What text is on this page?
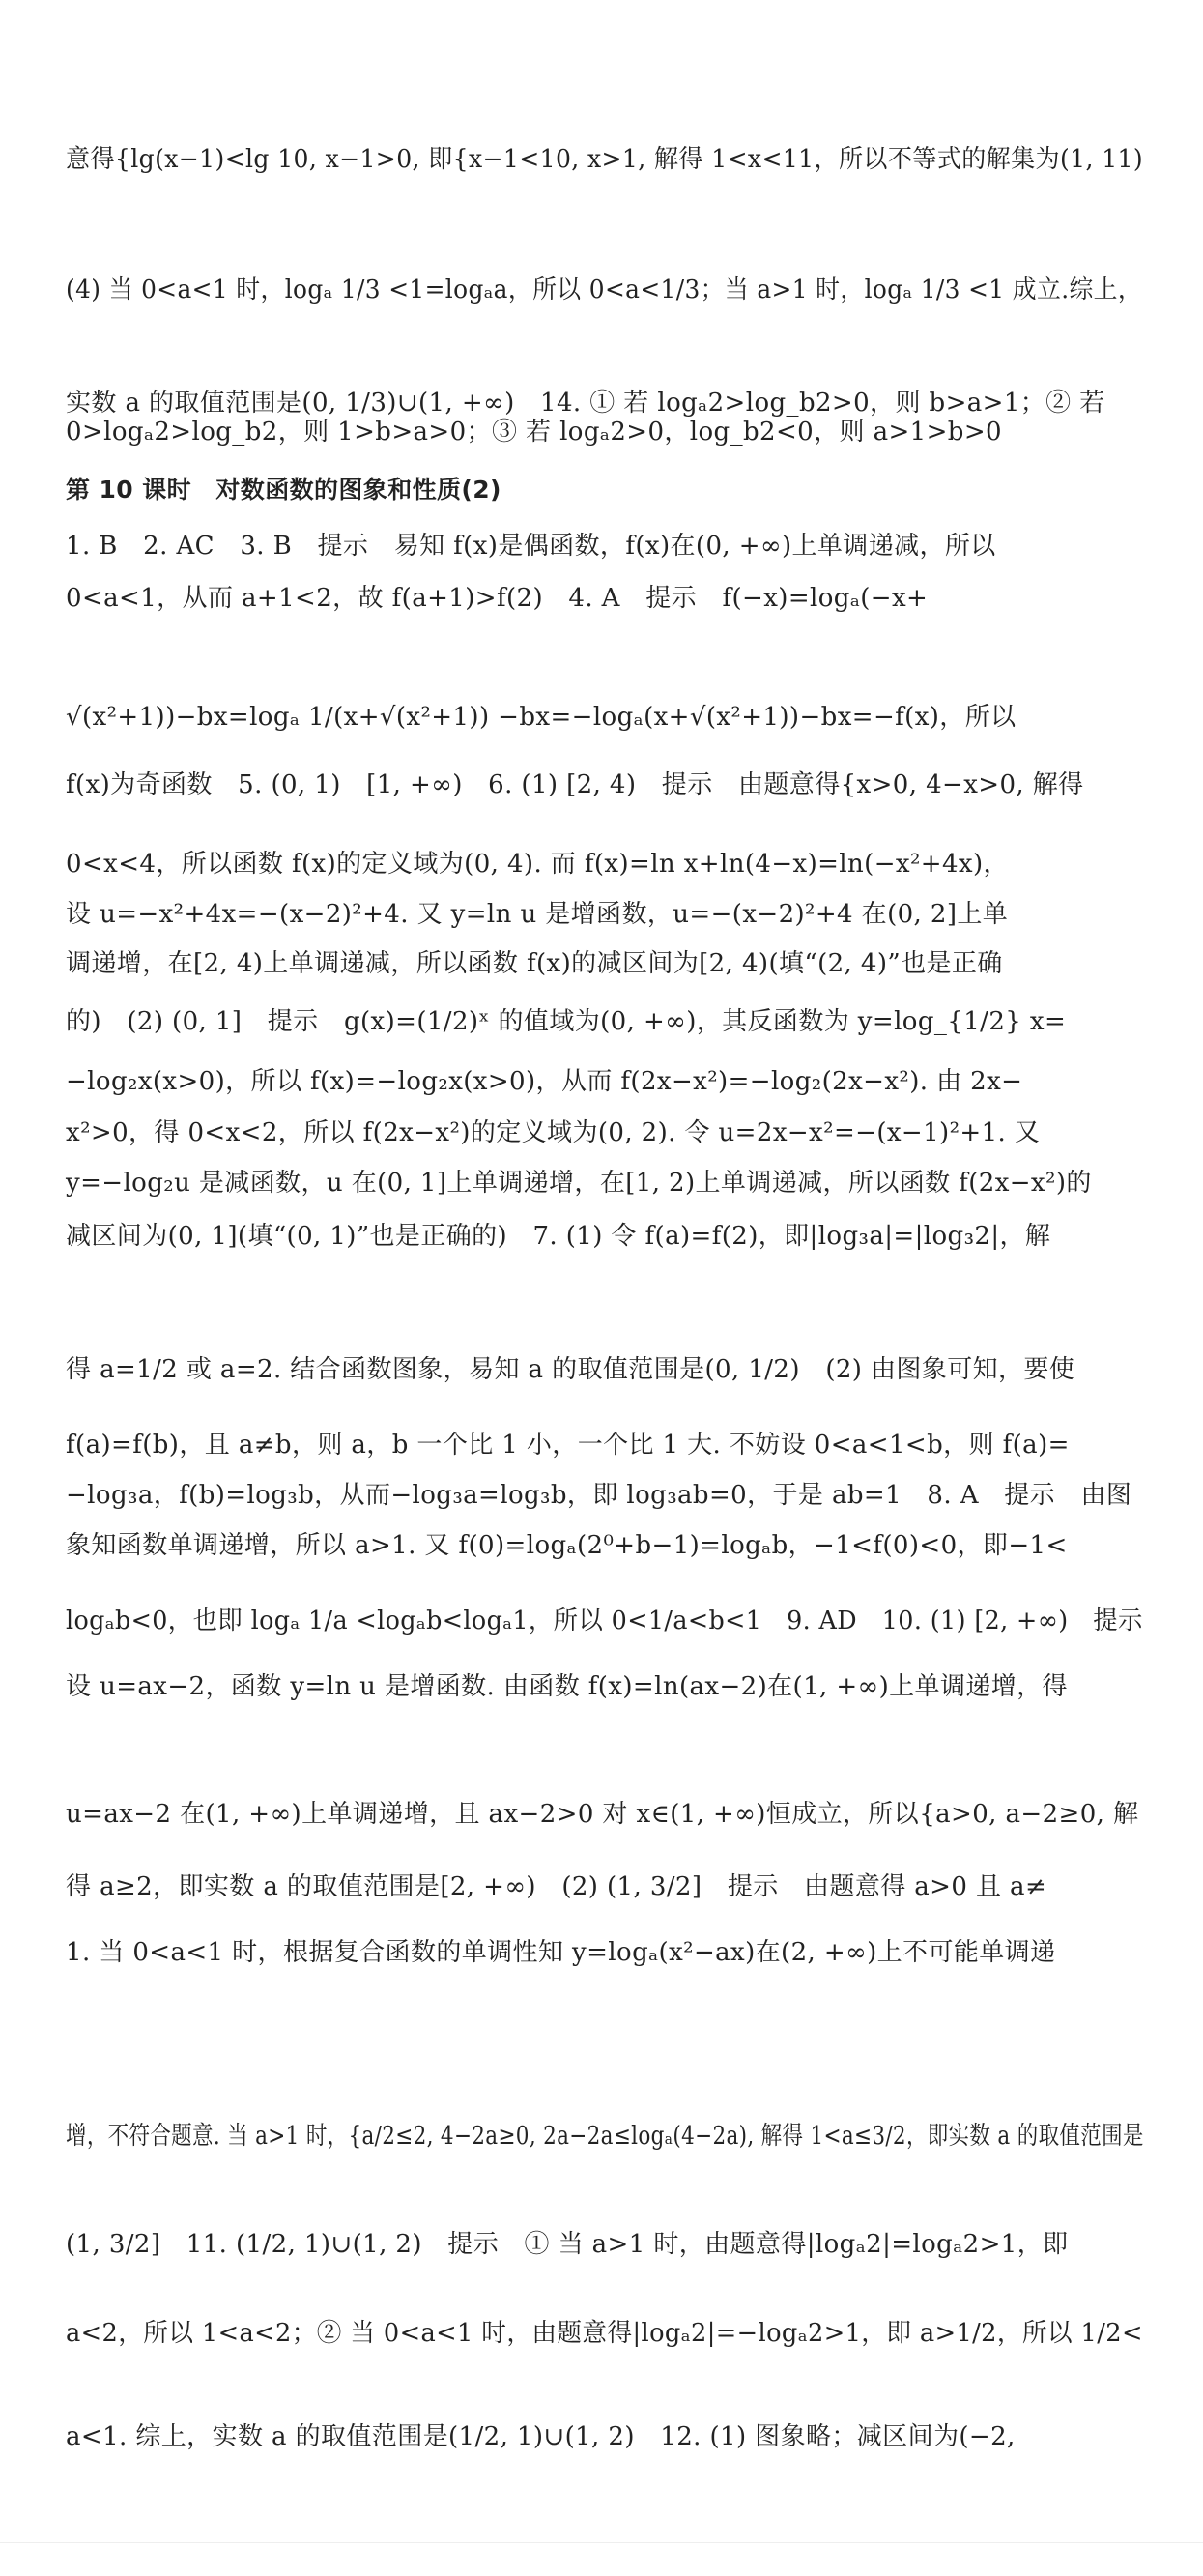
意得{lg(x−1)<lg 10, x−1>0, 即{x−1<10, x>1, 解得 1<x<11，所以不等式的解集为(1, 11)
(4) 当 0<a<1 时，logₐ 1/3 <1=logₐa，所以 0<a<1/3；当 a>1 时，logₐ 1/3 <1 成立.综上，
实数 a 的取值范围是(0, 1/3)∪(1, +∞)　14. ① 若 logₐ2>log_b2>0，则 b>a>1；② 若
0>logₐ2>log_b2，则 1>b>a>0；③ 若 logₐ2>0，log_b2<0，则 a>1>b>0
第 10 课时　对数函数的图象和性质(2)
1. B　2. AC　3. B　提示　易知 f(x)是偶函数，f(x)在(0, +∞)上单调递减，所以
0<a<1，从而 a+1<2，故 f(a+1)>f(2)　4. A　提示　f(−x)=logₐ(−x+
√(x²+1))−bx=logₐ 1/(x+√(x²+1)) −bx=−logₐ(x+√(x²+1))−bx=−f(x)，所以
f(x)为奇函数　5. (0, 1)　[1, +∞)　6. (1) [2, 4)　提示　由题意得{x>0, 4−x>0, 解得
0<x<4，所以函数 f(x)的定义域为(0, 4). 而 f(x)=ln x+ln(4−x)=ln(−x²+4x)，
设 u=−x²+4x=−(x−2)²+4. 又 y=ln u 是增函数，u=−(x−2)²+4 在(0, 2]上单
调递增，在[2, 4)上单调递减，所以函数 f(x)的减区间为[2, 4)(填“(2, 4)”也是正确
的)　(2) (0, 1]　提示　g(x)=(1/2)ˣ 的值域为(0, +∞)，其反函数为 y=log_{1/2} x=
−log₂x(x>0)，所以 f(x)=−log₂x(x>0)，从而 f(2x−x²)=−log₂(2x−x²). 由 2x−
x²>0，得 0<x<2，所以 f(2x−x²)的定义域为(0, 2). 令 u=2x−x²=−(x−1)²+1. 又
y=−log₂u 是减函数，u 在(0, 1]上单调递增，在[1, 2)上单调递减，所以函数 f(2x−x²)的
减区间为(0, 1](填“(0, 1)”也是正确的)　7. (1) 令 f(a)=f(2)，即|log₃a|=|log₃2|，解
得 a=1/2 或 a=2. 结合函数图象，易知 a 的取值范围是(0, 1/2)　(2) 由图象可知，要使
f(a)=f(b)，且 a≠b，则 a，b 一个比 1 小，一个比 1 大. 不妨设 0<a<1<b，则 f(a)=
−log₃a，f(b)=log₃b，从而−log₃a=log₃b，即 log₃ab=0，于是 ab=1　8. A　提示　由图
象知函数单调递增，所以 a>1. 又 f(0)=logₐ(2⁰+b−1)=logₐb，−1<f(0)<0，即−1<
logₐb<0，也即 logₐ 1/a <logₐb<logₐ1，所以 0<1/a<b<1　9. AD　10. (1) [2, +∞)　提示
设 u=ax−2，函数 y=ln u 是增函数. 由函数 f(x)=ln(ax−2)在(1, +∞)上单调递增，得
u=ax−2 在(1, +∞)上单调递增，且 ax−2>0 对 x∈(1, +∞)恒成立，所以{a>0, a−2≥0, 解
得 a≥2，即实数 a 的取值范围是[2, +∞)　(2) (1, 3/2]　提示　由题意得 a>0 且 a≠
1. 当 0<a<1 时，根据复合函数的单调性知 y=logₐ(x²−ax)在(2, +∞)上不可能单调递
增，不符合题意. 当 a>1 时，{a/2≤2, 4−2a≥0, 2a−2a≤logₐ(4−2a), 解得 1<a≤3/2，即实数 a 的取值范围是
(1, 3/2]　11. (1/2, 1)∪(1, 2)　提示　① 当 a>1 时，由题意得|logₐ2|=logₐ2>1，即
a<2，所以 1<a<2；② 当 0<a<1 时，由题意得|logₐ2|=−logₐ2>1，即 a>1/2，所以 1/2<
a<1. 综上，实数 a 的取值范围是(1/2, 1)∪(1, 2)　12. (1) 图象略；减区间为(−2,
